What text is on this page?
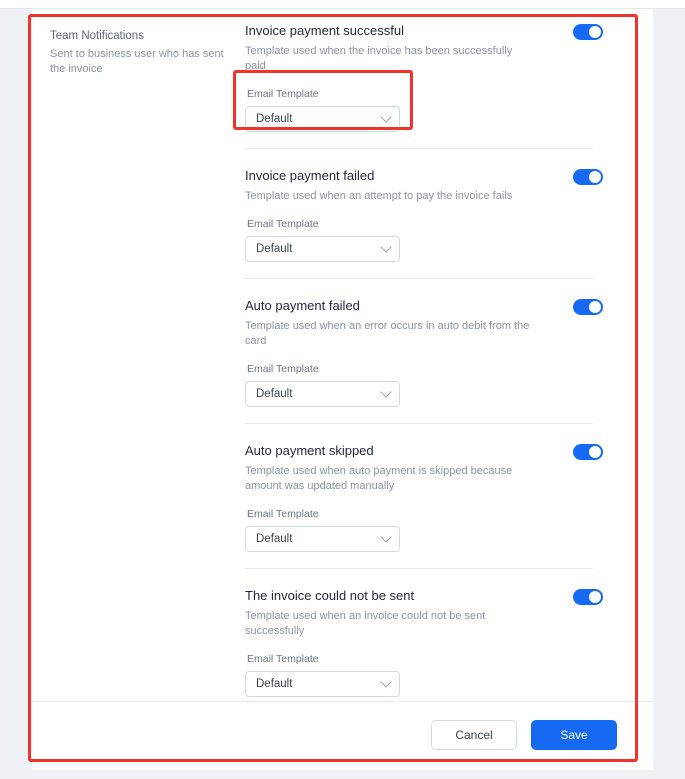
Team Notifications

Sent to business user who has sent the invoice

Invoice payment successful

Template used when the invoice has been successfully paid

Email Template
Default

Invoice payment failed

Template used when an attempt to pay the invoice fails

Email Template
Default

Auto payment failed

Template used when an error occurs in auto debit from the card

Email Template
Default

Auto payment skipped

Template used when auto payment is skipped because amount was updated manually

Email Template
Default

The invoice could not be sent

Template used when an invoice could not be sent successfully

Email Template
Default
Cancel	Save
